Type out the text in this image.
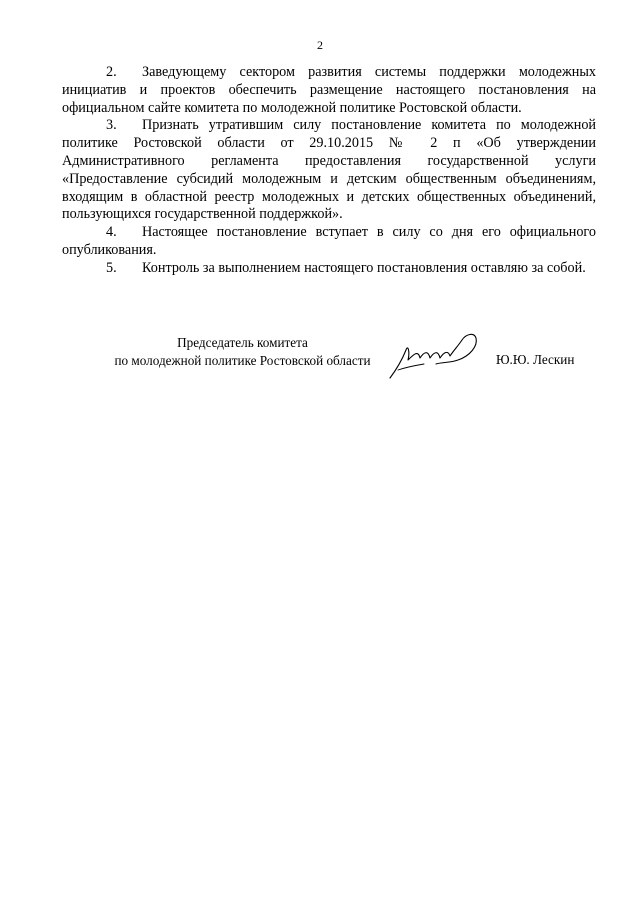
2

2. Заведующему сектором развития системы поддержки молодежных инициатив и проектов обеспечить размещение настоящего постановления на официальном сайте комитета по молодежной политике Ростовской области.

3. Признать утратившим силу постановление комитета по молодежной политике Ростовской области от 29.10.2015 № 2 п «Об утверждении Административного регламента предоставления государственной услуги «Предоставление субсидий молодежным и детским общественным объединениям, входящим в областной реестр молодежных и детских общественных объединений, пользующихся государственной поддержкой».

4. Настоящее постановление вступает в силу со дня его официального опубликования.

5. Контроль за выполнением настоящего постановления оставляю за собой.

Председатель комитета
по молодежной политике Ростовской области	Ю.Ю. Лескин
